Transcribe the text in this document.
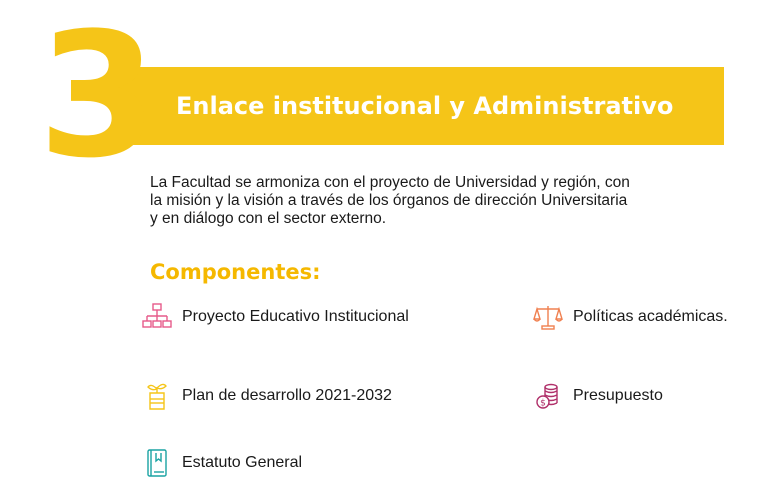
3 Enlace institucional y Administrativo
La Facultad se armoniza con el proyecto de Universidad y región, con
la misión y la visión a través de los órganos de dirección Universitaria
y en diálogo con el sector externo.
Componentes:
Proyecto Educativo Institucional	Políticas académicas.
Plan de desarrollo 2021-2032	$ Presupuesto
Estatuto General
